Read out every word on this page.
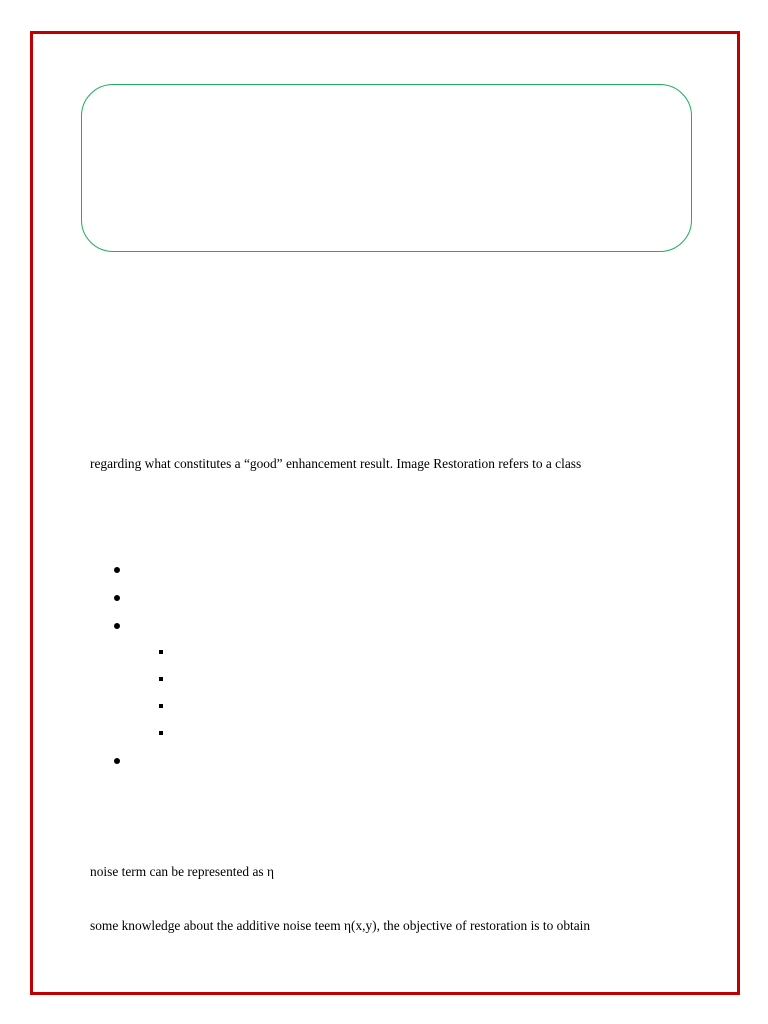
regarding what constitutes a “good” enhancement result. Image Restoration refers to a class
noise term can be represented as η
some knowledge about the additive noise teem η(x,y), the objective of restoration is to obtain
